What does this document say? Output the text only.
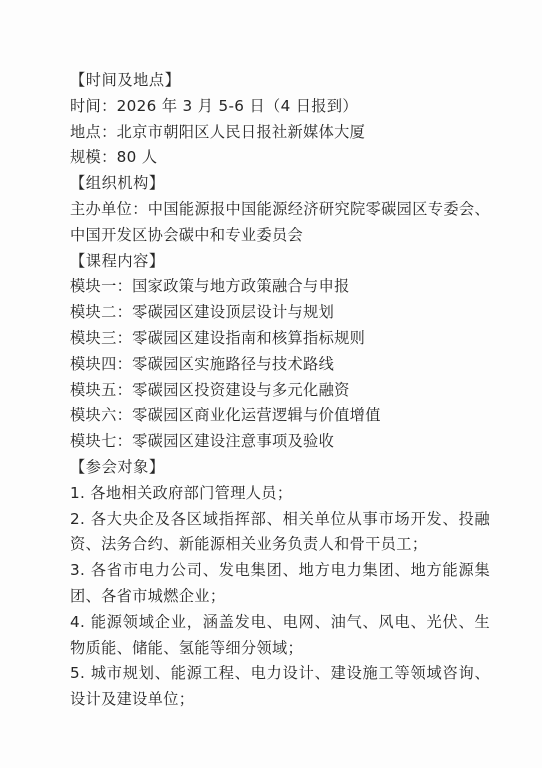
【时间及地点】
时间：2026 年 3 月 5-6 日（4 日报到）
地点：北京市朝阳区人民日报社新媒体大厦
规模：80 人
【组织机构】
主办单位：中国能源报中国能源经济研究院零碳园区专委会、中国开发区协会碳中和专业委员会
【课程内容】
模块一：国家政策与地方政策融合与申报
模块二：零碳园区建设顶层设计与规划
模块三：零碳园区建设指南和核算指标规则
模块四：零碳园区实施路径与技术路线
模块五：零碳园区投资建设与多元化融资
模块六：零碳园区商业化运营逻辑与价值增值
模块七：零碳园区建设注意事项及验收
【参会对象】
1. 各地相关政府部门管理人员；
2. 各大央企及各区域指挥部、相关单位从事市场开发、投融资、法务合约、新能源相关业务负责人和骨干员工；
3. 各省市电力公司、发电集团、地方电力集团、地方能源集团、各省市城燃企业；
4. 能源领域企业，涵盖发电、电网、油气、风电、光伏、生物质能、储能、氢能等细分领域；
5. 城市规划、能源工程、电力设计、建设施工等领域咨询、设计及建设单位；
